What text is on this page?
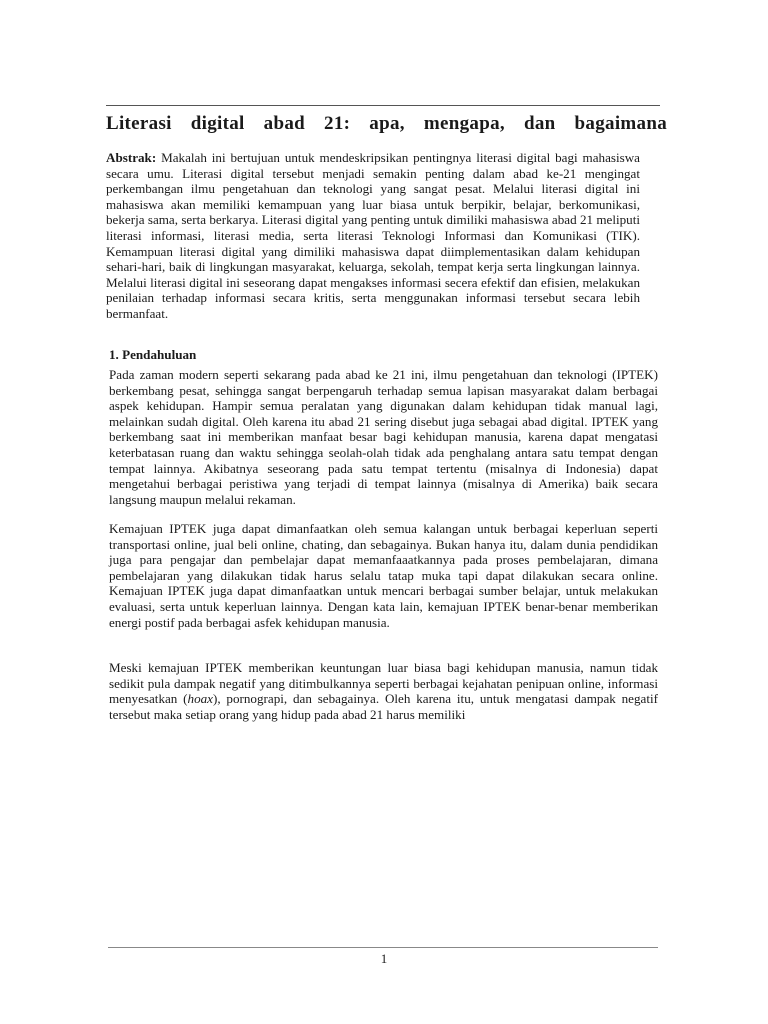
Literasi digital abad 21: apa, mengapa, dan bagaimana

Abstrak: Makalah ini bertujuan untuk mendeskripsikan pentingnya literasi digital bagi mahasiswa secara umu. Literasi digital tersebut menjadi semakin penting dalam abad ke-21 mengingat perkembangan ilmu pengetahuan dan teknologi yang sangat pesat. Melalui literasi digital ini mahasiswa akan memiliki kemampuan yang luar biasa untuk berpikir, belajar, berkomunikasi, bekerja sama, serta berkarya. Literasi digital yang penting untuk dimiliki mahasiswa abad 21 meliputi literasi informasi, literasi media, serta literasi Teknologi Informasi dan Komunikasi (TIK). Kemampuan literasi digital yang dimiliki mahasiswa dapat diimplementasikan dalam kehidupan sehari-hari, baik di lingkungan masyarakat, keluarga, sekolah, tempat kerja serta lingkungan lainnya. Melalui literasi digital ini seseorang dapat mengakses informasi secera efektif dan efisien, melakukan penilaian terhadap informasi secara kritis, serta menggunakan informasi tersebut secara lebih bermanfaat.

1. Pendahuluan

Pada zaman modern seperti sekarang pada abad ke 21 ini, ilmu pengetahuan dan teknologi (IPTEK) berkembang pesat, sehingga sangat berpengaruh terhadap semua lapisan masyarakat dalam berbagai aspek kehidupan. Hampir semua peralatan yang digunakan dalam kehidupan tidak manual lagi, melainkan sudah digital. Oleh karena itu abad 21 sering disebut juga sebagai abad digital. IPTEK yang berkembang saat ini memberikan manfaat besar bagi kehidupan manusia, karena dapat mengatasi keterbatasan ruang dan waktu sehingga seolah-olah tidak ada penghalang antara satu tempat dengan tempat lainnya. Akibatnya seseorang pada satu tempat tertentu (misalnya di Indonesia) dapat mengetahui berbagai peristiwa yang terjadi di tempat lainnya (misalnya di Amerika) baik secara langsung maupun melalui rekaman.

Kemajuan IPTEK juga dapat dimanfaatkan oleh semua kalangan untuk berbagai keperluan seperti transportasi online, jual beli online, chating, dan sebagainya. Bukan hanya itu, dalam dunia pendidikan juga para pengajar dan pembelajar dapat memanfaaatkannya pada proses pembelajaran, dimana pembelajaran yang dilakukan tidak harus selalu tatap muka tapi dapat dilakukan secara online. Kemajuan IPTEK juga dapat dimanfaatkan untuk mencari berbagai sumber belajar, untuk melakukan evaluasi, serta untuk keperluan lainnya. Dengan kata lain, kemajuan IPTEK benar-benar memberikan energi postif pada berbagai asfek kehidupan manusia.

Meski kemajuan IPTEK memberikan keuntungan luar biasa bagi kehidupan manusia, namun tidak sedikit pula dampak negatif yang ditimbulkannya seperti berbagai kejahatan penipuan online, informasi menyesatkan (hoax), pornograpi, dan sebagainya. Oleh karena itu, untuk mengatasi dampak negatif tersebut maka setiap orang yang hidup pada abad 21 harus memiliki

1
